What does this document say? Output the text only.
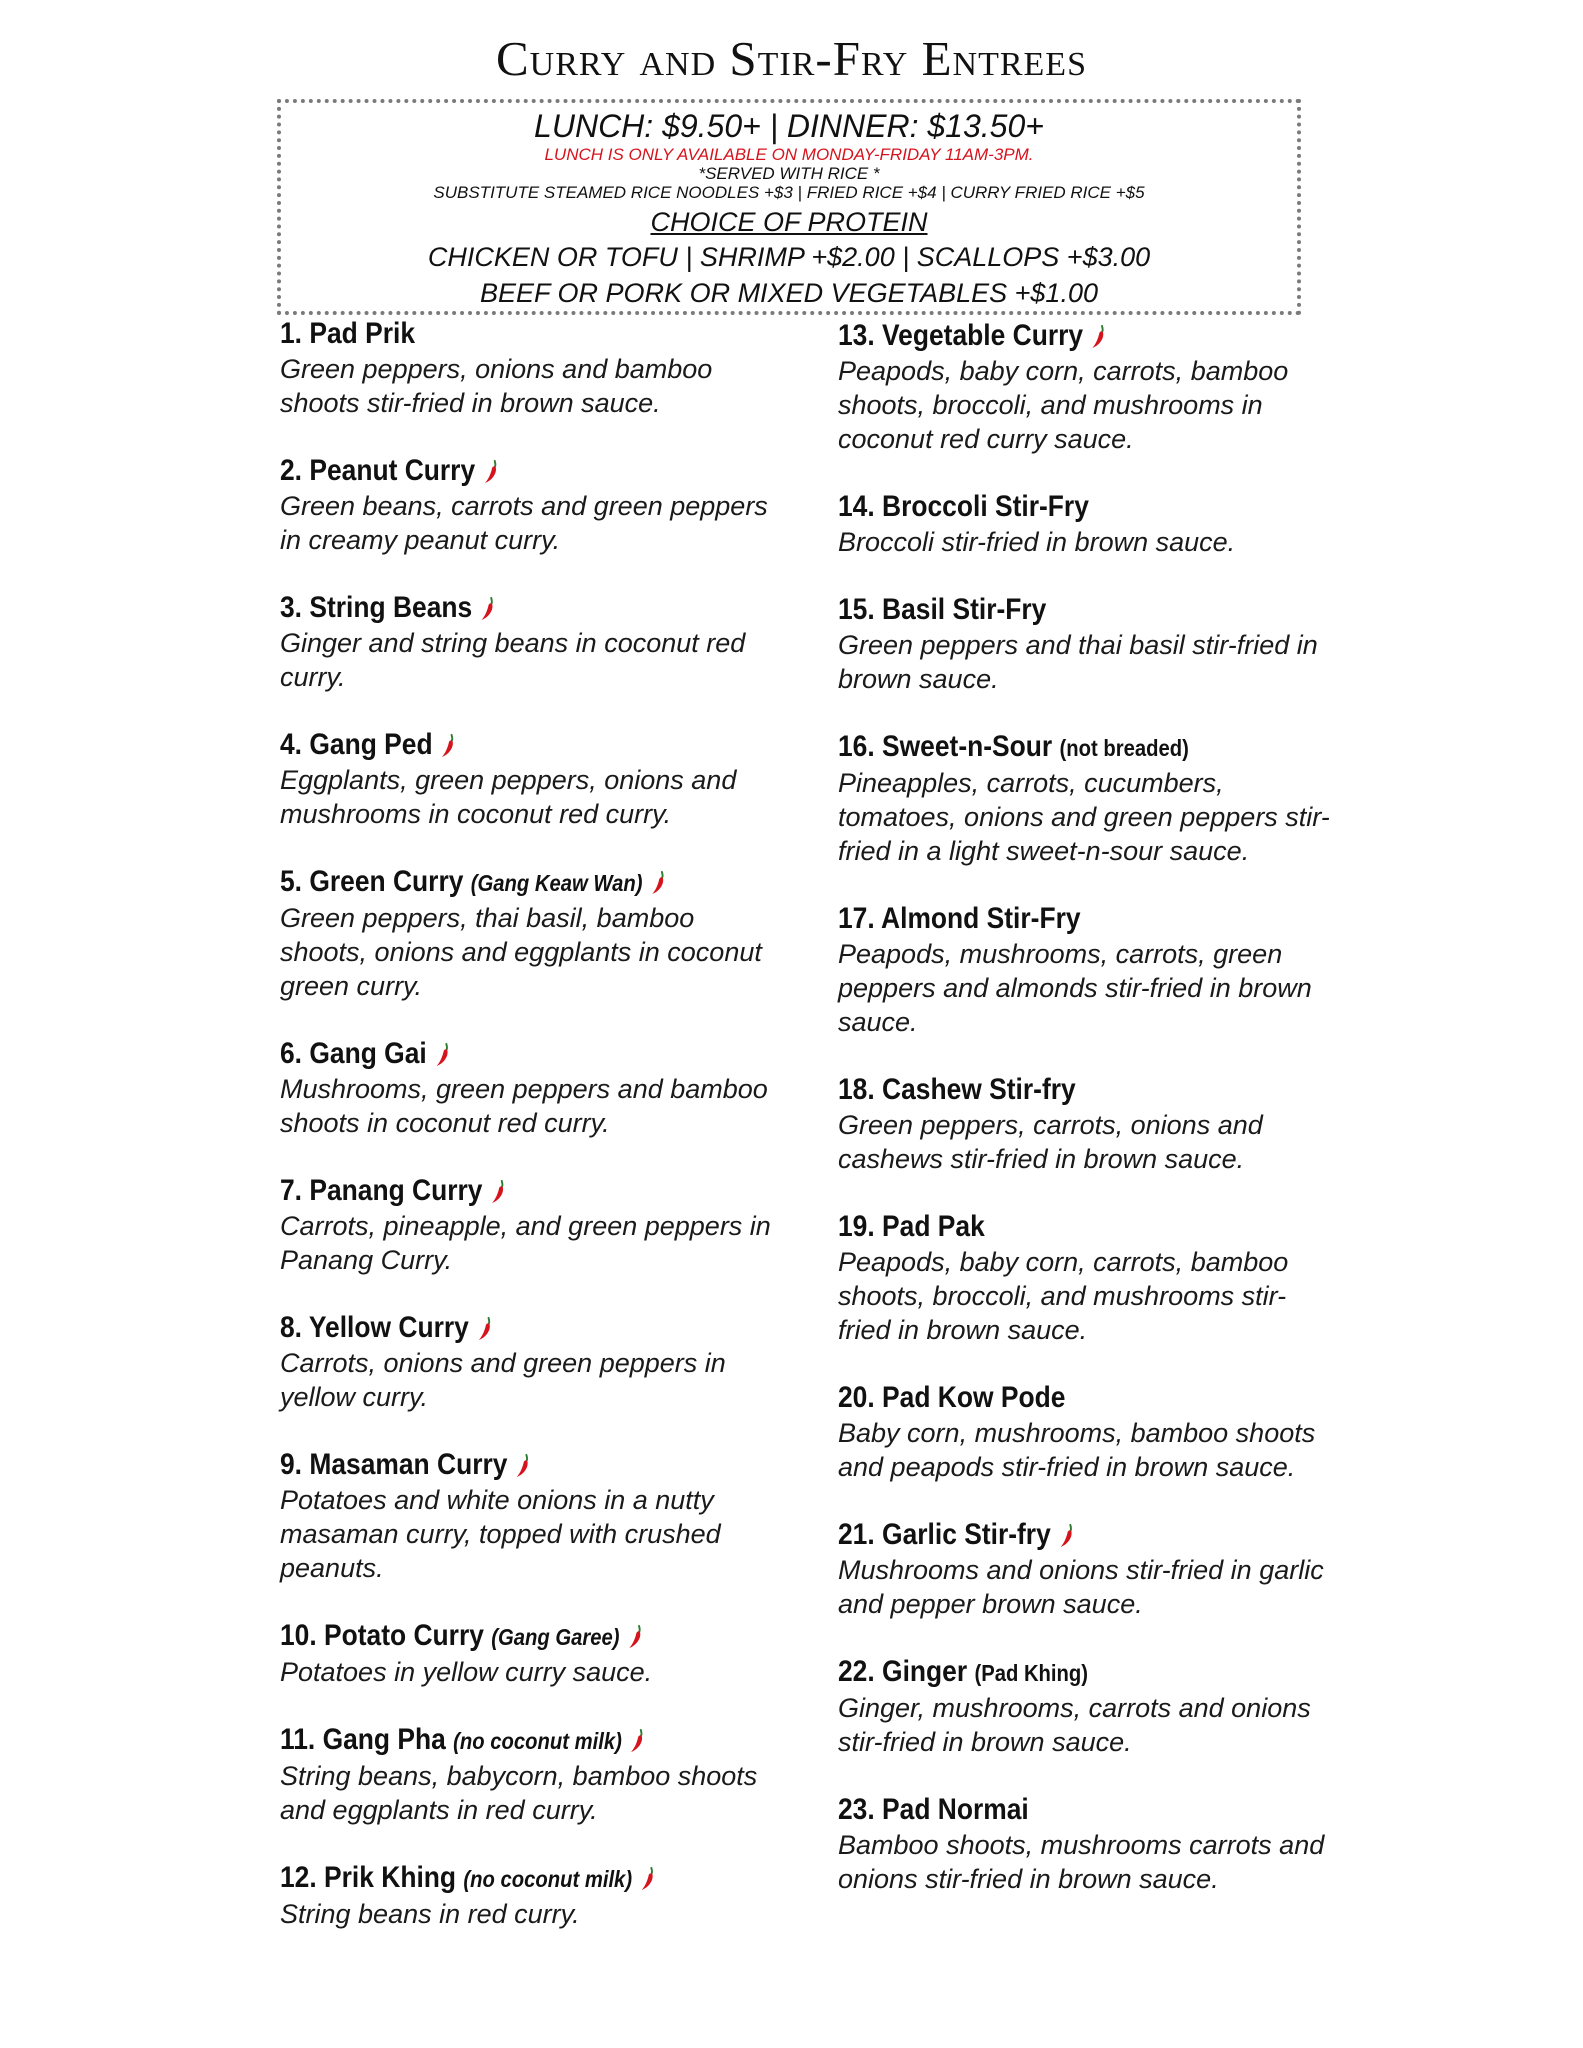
Curry and Stir-Fry Entrees
LUNCH: $9.50+ | DINNER: $13.50+
LUNCH IS ONLY AVAILABLE ON MONDAY-FRIDAY 11AM-3PM.
*SERVED WITH RICE *
SUBSTITUTE STEAMED RICE NOODLES +$3 | FRIED RICE +$4 | CURRY FRIED RICE +$5
CHOICE OF PROTEIN
CHICKEN OR TOFU | SHRIMP +$2.00 | SCALLOPS +$3.00
BEEF OR PORK OR MIXED VEGETABLES +$1.00
1. Pad Prik
Green peppers, onions and bamboo shoots stir-fried in brown sauce.
2. Peanut Curry
Green beans, carrots and green peppers in creamy peanut curry.
3. String Beans
Ginger and string beans in coconut red curry.
4. Gang Ped
Eggplants, green peppers, onions and mushrooms in coconut red curry.
5. Green Curry (Gang Keaw Wan)
Green peppers, thai basil, bamboo shoots, onions and eggplants in coconut green curry.
6. Gang Gai
Mushrooms, green peppers and bamboo shoots in coconut red curry.
7. Panang Curry
Carrots, pineapple, and green peppers in Panang Curry.
8. Yellow Curry
Carrots, onions and green peppers in yellow curry.
9. Masaman Curry
Potatoes and white onions in a nutty masaman curry, topped with crushed peanuts.
10. Potato Curry (Gang Garee)
Potatoes in yellow curry sauce.
11. Gang Pha (no coconut milk)
String beans, babycorn, bamboo shoots and eggplants in red curry.
12. Prik Khing (no coconut milk)
String beans in red curry.
13. Vegetable Curry
Peapods, baby corn, carrots, bamboo shoots, broccoli, and mushrooms in coconut red curry sauce.
14. Broccoli Stir-Fry
Broccoli stir-fried in brown sauce.
15. Basil Stir-Fry
Green peppers and thai basil stir-fried in brown sauce.
16. Sweet-n-Sour (not breaded)
Pineapples, carrots, cucumbers, tomatoes, onions and green peppers stir-fried in a light sweet-n-sour sauce.
17. Almond Stir-Fry
Peapods, mushrooms, carrots, green peppers and almonds stir-fried in brown sauce.
18. Cashew Stir-fry
Green peppers, carrots, onions and cashews stir-fried in brown sauce.
19. Pad Pak
Peapods, baby corn, carrots, bamboo shoots, broccoli, and mushrooms stir-fried in brown sauce.
20. Pad Kow Pode
Baby corn, mushrooms, bamboo shoots and peapods stir-fried in brown sauce.
21. Garlic Stir-fry
Mushrooms and onions stir-fried in garlic and pepper brown sauce.
22. Ginger (Pad Khing)
Ginger, mushrooms, carrots and onions stir-fried in brown sauce.
23. Pad Normai
Bamboo shoots, mushrooms carrots and onions stir-fried in brown sauce.
